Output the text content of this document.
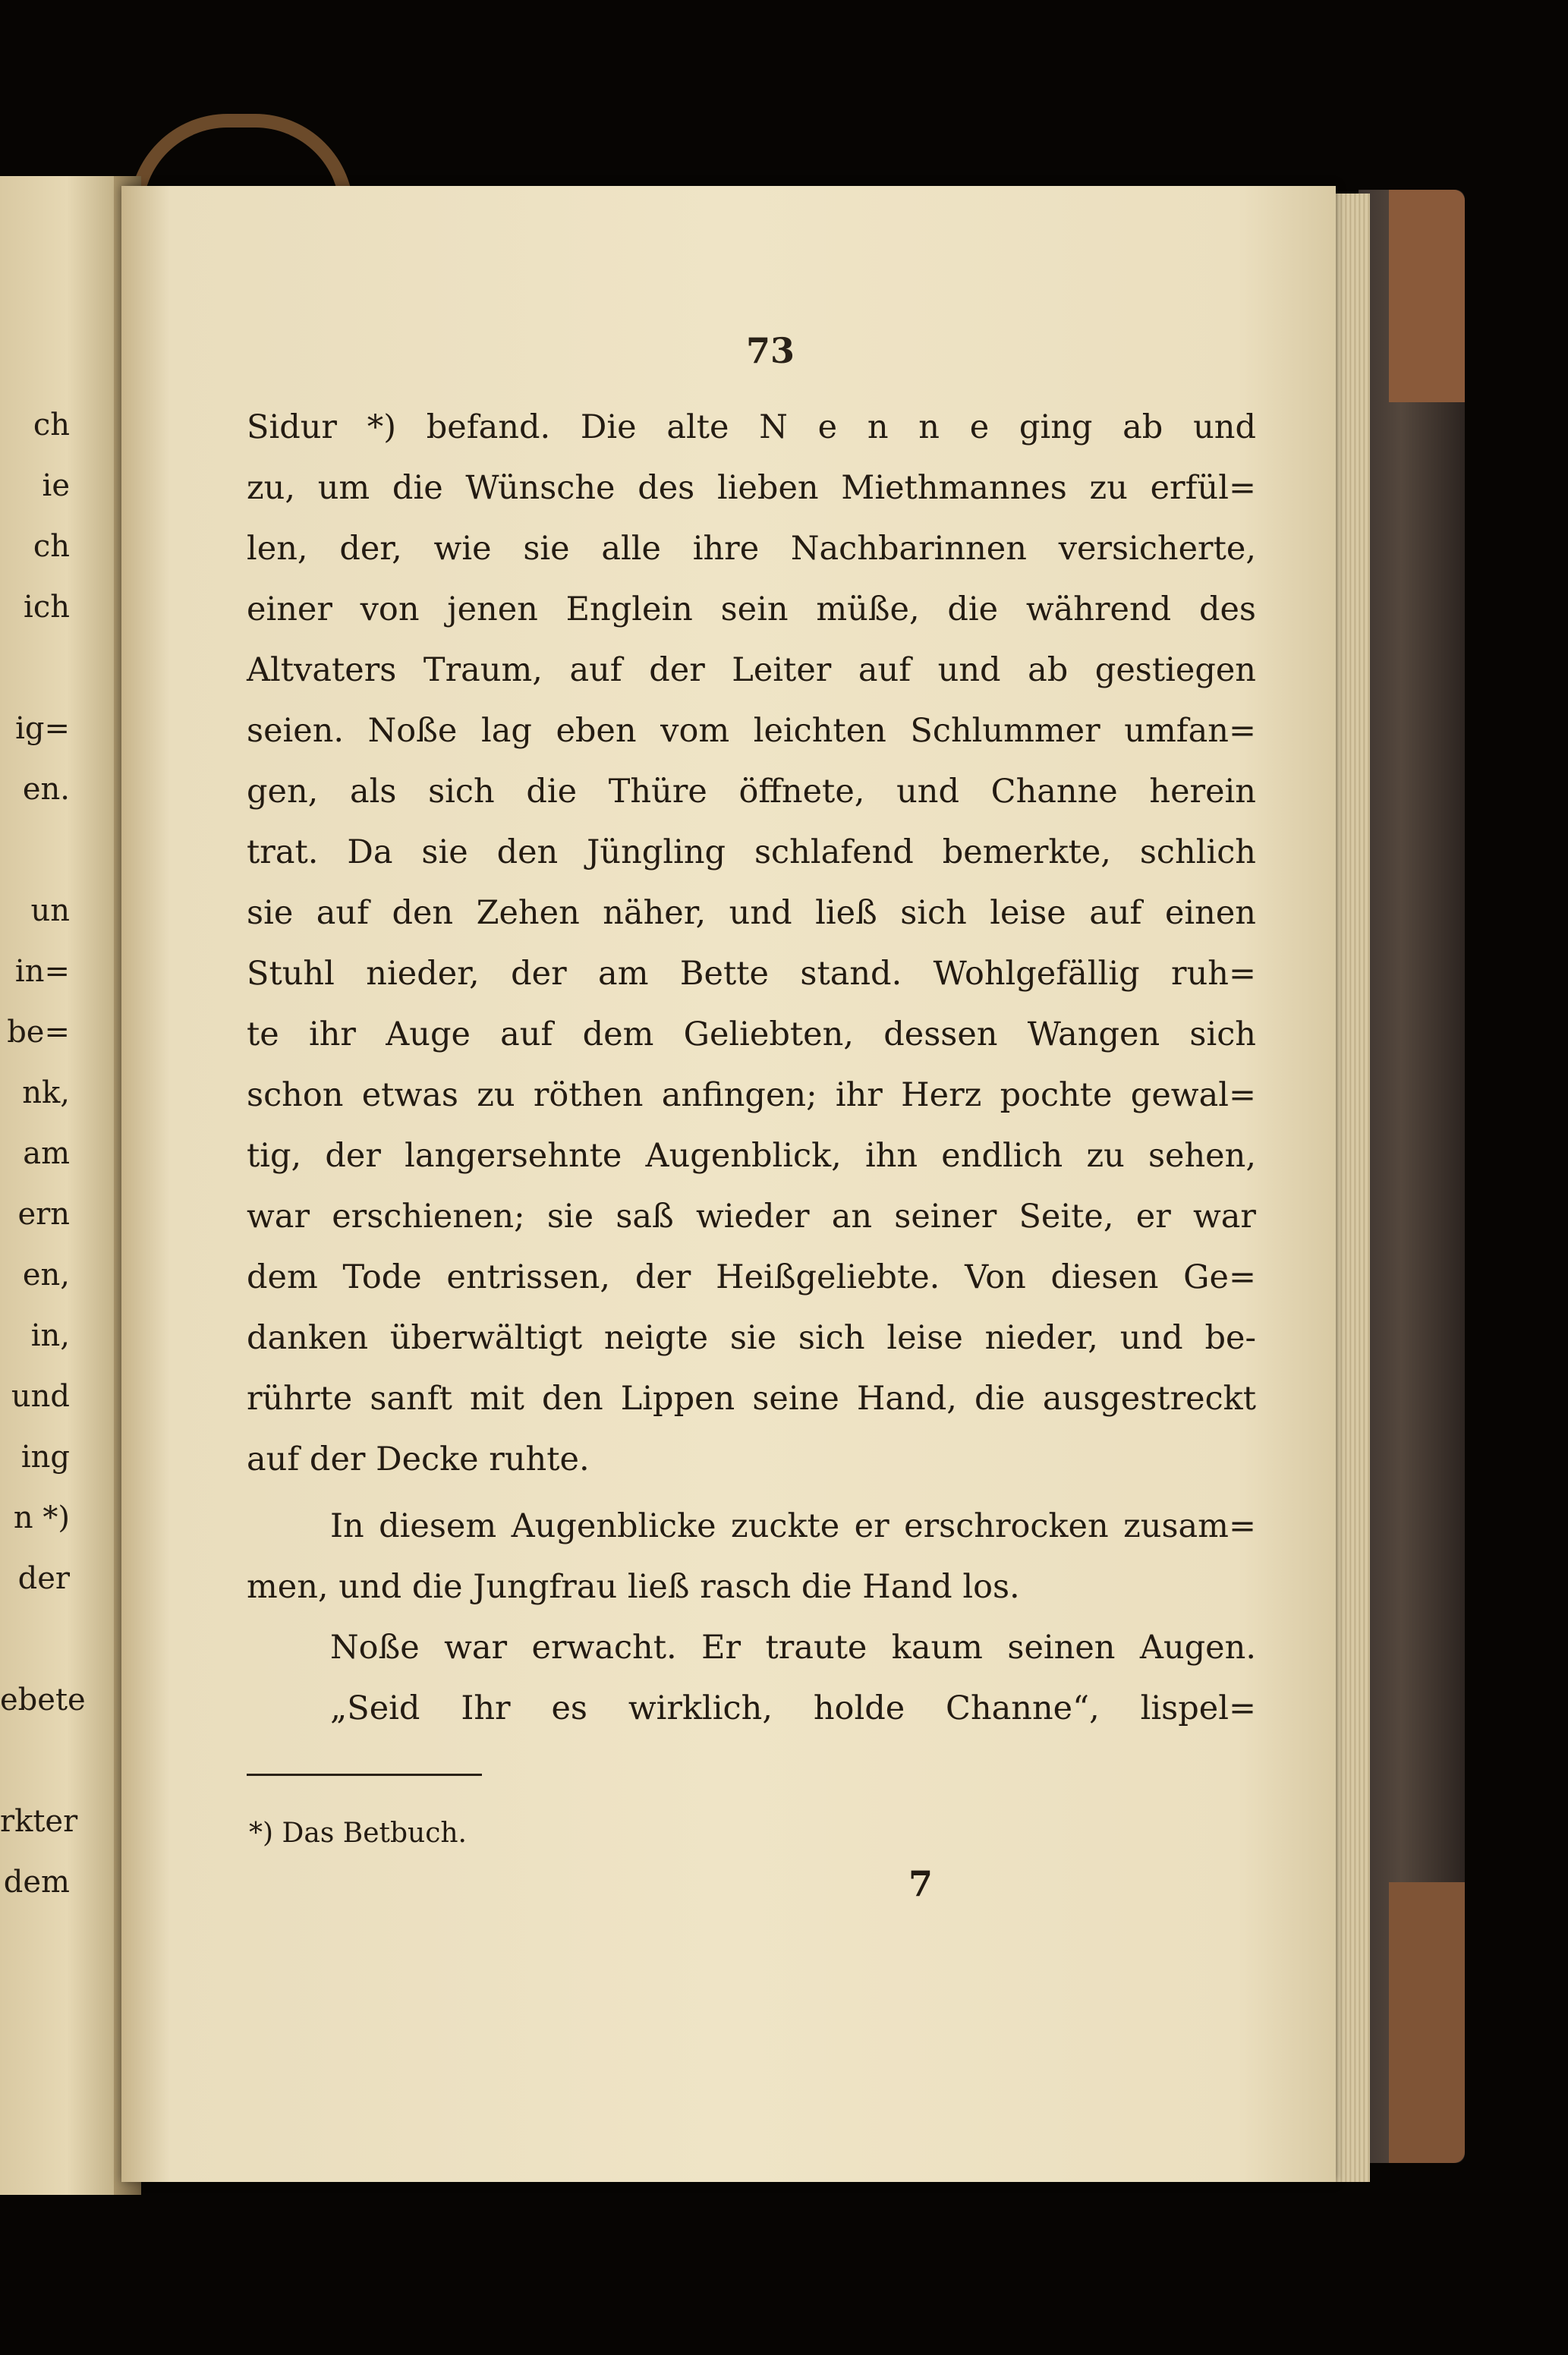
ch
ie
ch
ich
ig=
en.
un
in=
be=
nk,
am
ern
en,
in,
und
ing
n *)
der
ebete
rkter
dem
73
Sidur *) befand. Die alte N e n n e ging ab und
zu, um die Wünsche des lieben Miethmannes zu erfül=
len, der, wie sie alle ihre Nachbarinnen versicherte,
einer von jenen Englein sein müße, die während des
Altvaters Traum, auf der Leiter auf und ab gestiegen
seien. Noße lag eben vom leichten Schlummer umfan=
gen, als sich die Thüre öffnete, und Channe herein
trat. Da sie den Jüngling schlafend bemerkte, schlich
sie auf den Zehen näher, und ließ sich leise auf einen
Stuhl nieder, der am Bette stand. Wohlgefällig ruh=
te ihr Auge auf dem Geliebten, dessen Wangen sich
schon etwas zu röthen anfingen; ihr Herz pochte gewal=
tig, der langersehnte Augenblick, ihn endlich zu sehen,
war erschienen; sie saß wieder an seiner Seite, er war
dem Tode entrissen, der Heißgeliebte. Von diesen Ge=
danken überwältigt neigte sie sich leise nieder, und be-
rührte sanft mit den Lippen seine Hand, die ausgestreckt
auf der Decke ruhte.
In diesem Augenblicke zuckte er erschrocken zusam=
men, und die Jungfrau ließ rasch die Hand los.
Noße war erwacht. Er traute kaum seinen Augen.
„Seid Ihr es wirklich, holde Channe“, lispel=
*) Das Betbuch.
7
